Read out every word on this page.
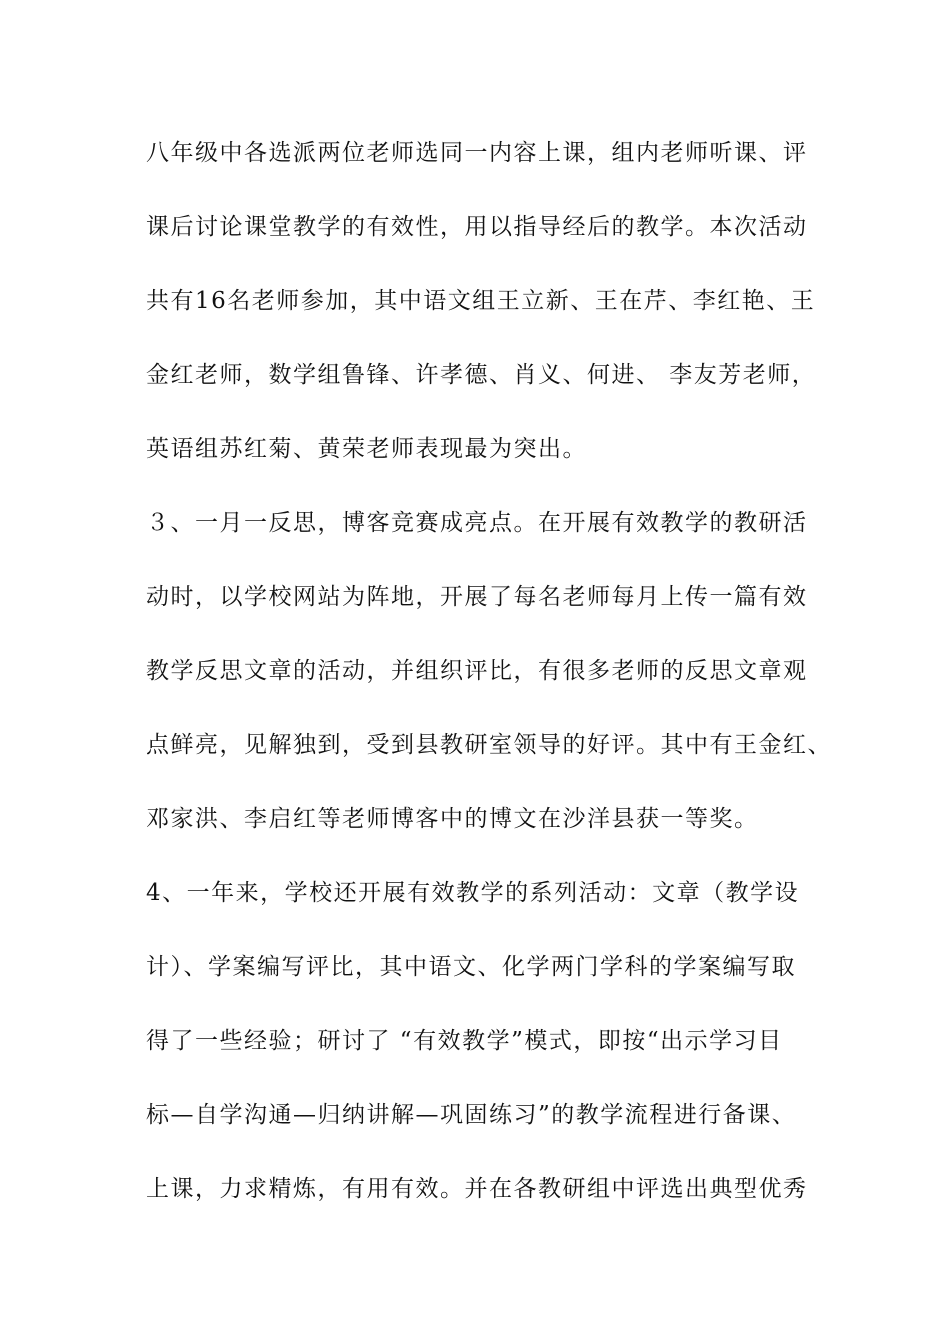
八年级中各选派两位老师选同一内容上课，组内老师听课、评
课后讨论课堂教学的有效性，用以指导经后的教学。本次活动
共有16名老师参加，其中语文组王立新、王在芹、李红艳、王
金红老师，数学组鲁锋、许孝德、肖义、何进、 李友芳老师，
英语组苏红菊、黄荣老师表现最为突出。
３、一月一反思，博客竞赛成亮点。在开展有效教学的教研活
动时，以学校网站为阵地，开展了每名老师每月上传一篇有效
教学反思文章的活动，并组织评比，有很多老师的反思文章观
点鲜亮，见解独到，受到县教研室领导的好评。其中有王金红、
邓家洪、李启红等老师博客中的博文在沙洋县获一等奖。
4、一年来，学校还开展有效教学的系列活动：文章（教学设
计）、学案编写评比，其中语文、化学两门学科的学案编写取
得了一些经验；研讨了 “有效教学”模式，即按“出示学习目
标—自学沟通—归纳讲解—巩固练习”的教学流程进行备课、
上课，力求精炼，有用有效。并在各教研组中评选出典型优秀
